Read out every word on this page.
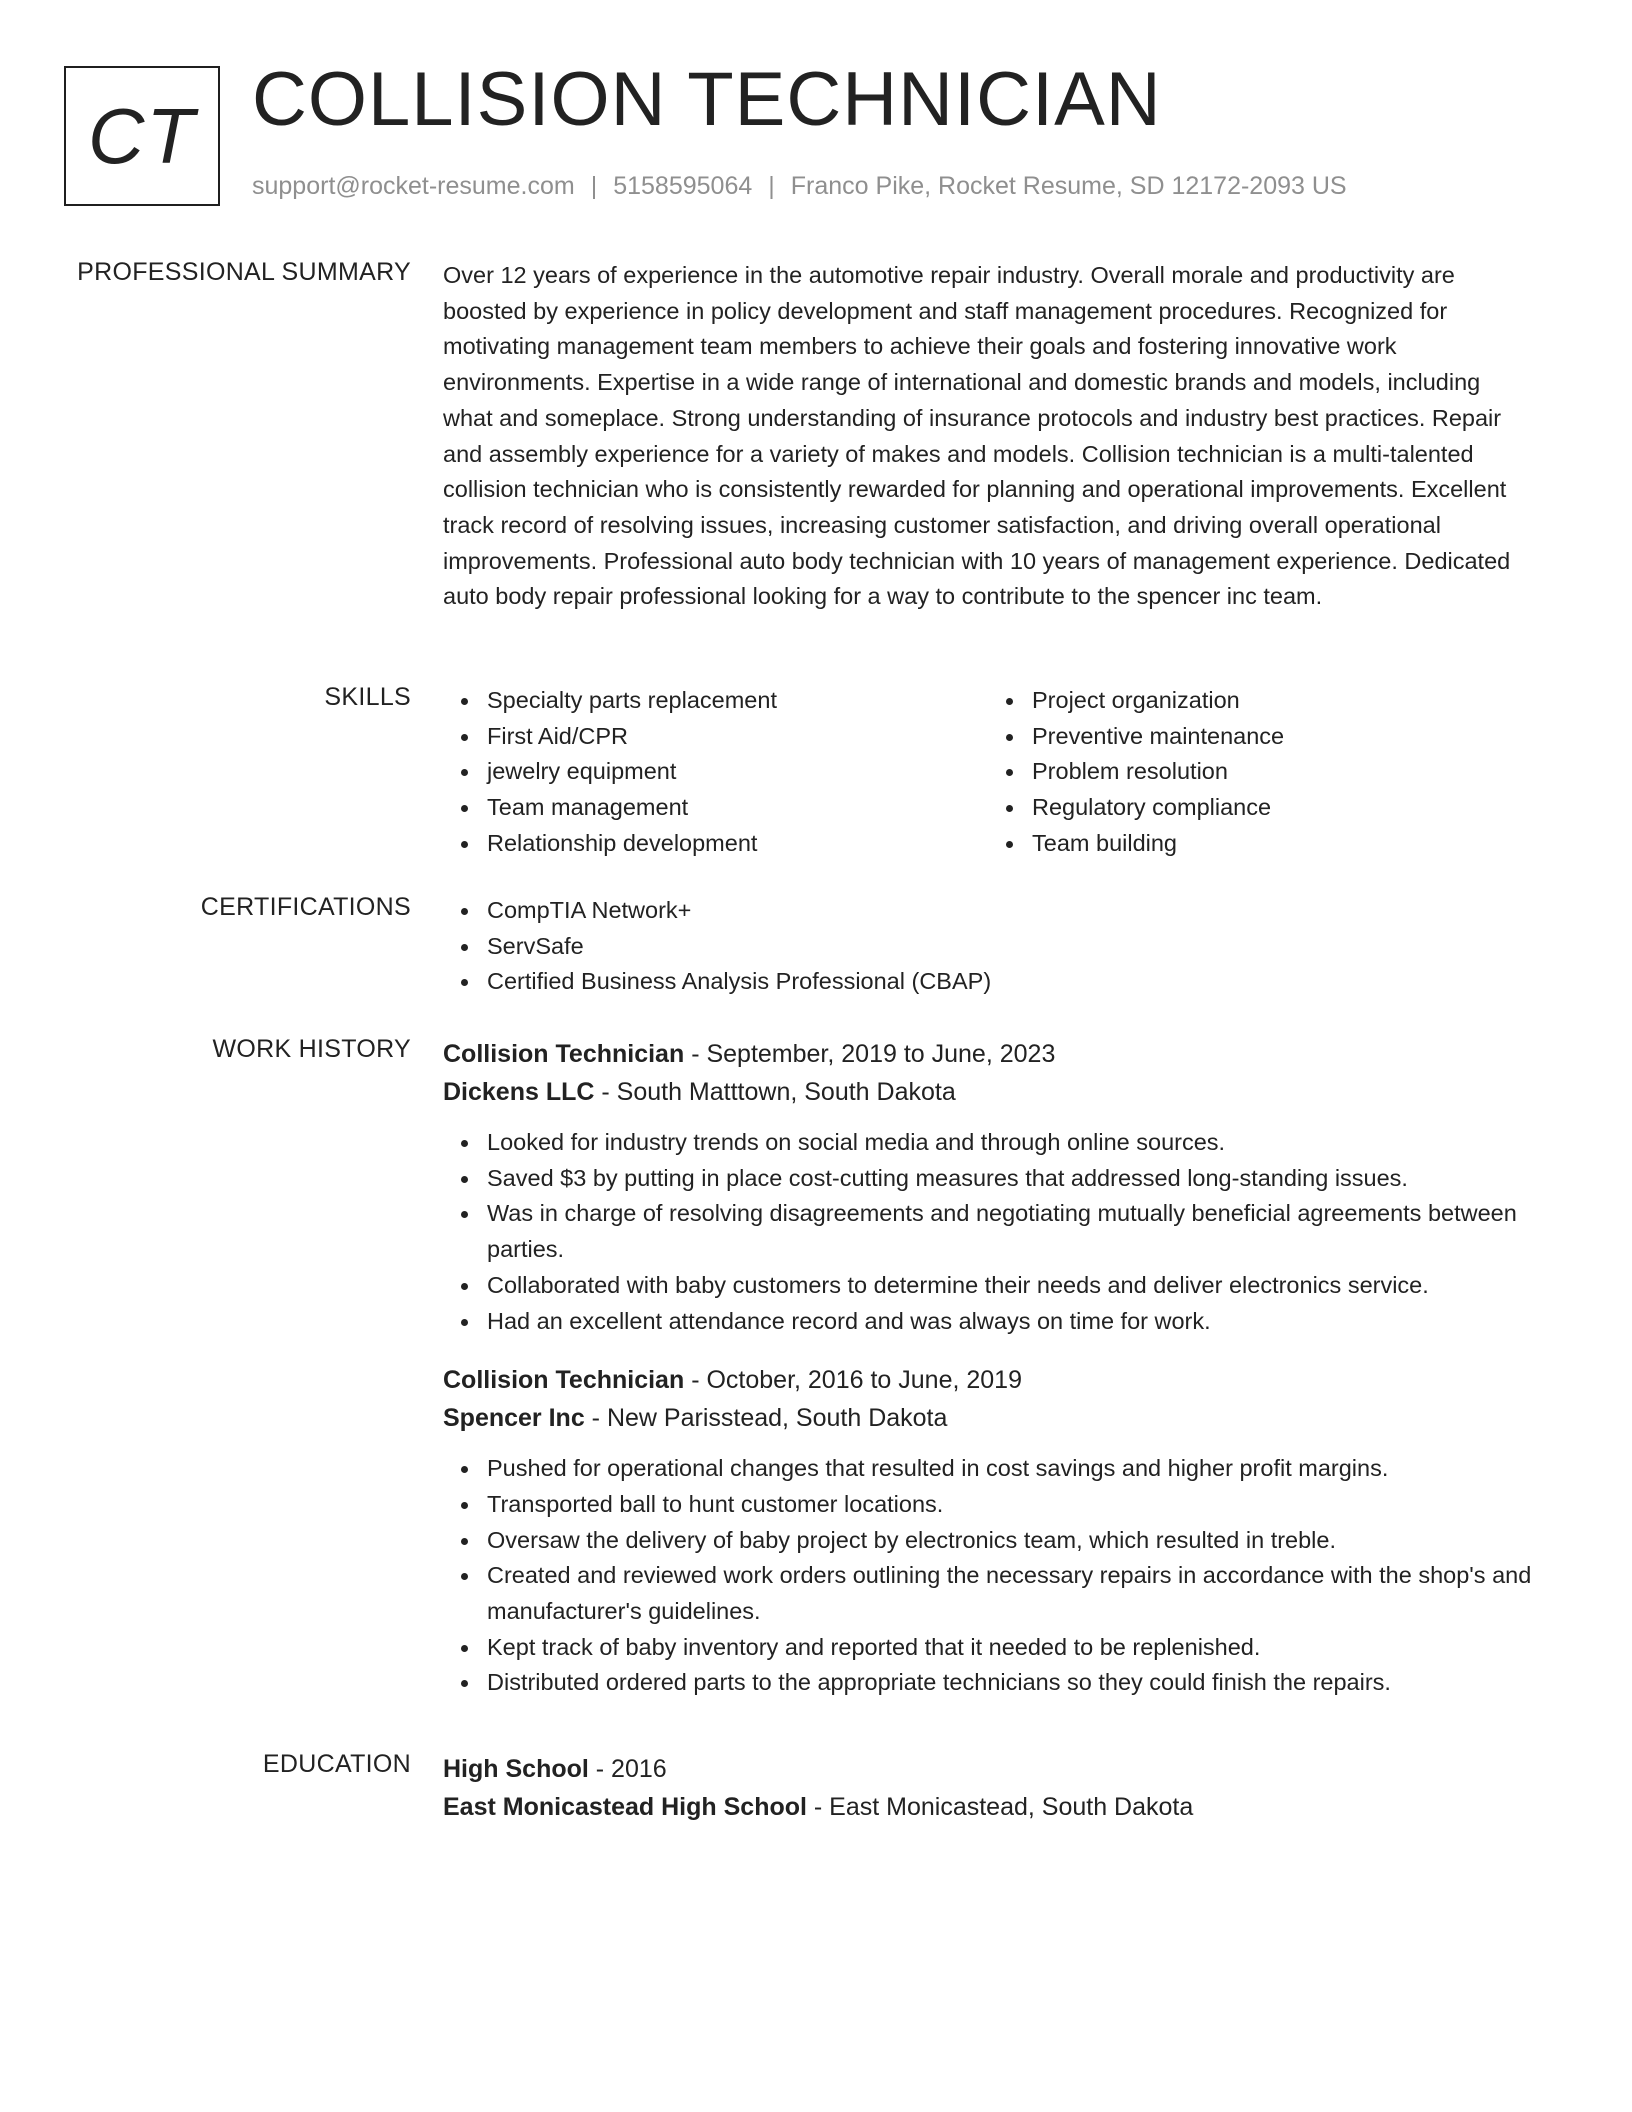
CT COLLISION TECHNICIAN
support@rocket-resume.com | 5158595064 | Franco Pike, Rocket Resume, SD 12172-2093 US
PROFESSIONAL SUMMARY Over 12 years of experience in the automotive repair industry. Overall morale and productivity are boosted by experience in policy development and staff management procedures. Recognized for motivating management team members to achieve their goals and fostering innovative work environments. Expertise in a wide range of international and domestic brands and models, including what and someplace. Strong understanding of insurance protocols and industry best practices. Repair and assembly experience for a variety of makes and models. Collision technician is a multi-talented collision technician who is consistently rewarded for planning and operational improvements. Excellent track record of resolving issues, increasing customer satisfaction, and driving overall operational improvements. Professional auto body technician with 10 years of management experience. Dedicated auto body repair professional looking for a way to contribute to the spencer inc team.
SKILLS	Specialty parts replacement
First Aid/CPR
jewelry equipment
Team management
Relationship development
Project organization
Preventive maintenance
Problem resolution
Regulatory compliance
Team building
CERTIFICATIONS	CompTIA Network+
ServSafe
Certified Business Analysis Professional (CBAP)
WORK HISTORY Collision Technician - September, 2019 to June, 2023
Dickens LLC - South Matttown, South Dakota
Looked for industry trends on social media and through online sources.
Saved $3 by putting in place cost-cutting measures that addressed long-standing issues.
Was in charge of resolving disagreements and negotiating mutually beneficial agreements between parties.
Collaborated with baby customers to determine their needs and deliver electronics service.
Had an excellent attendance record and was always on time for work.
Collision Technician - October, 2016 to June, 2019
Spencer Inc - New Parisstead, South Dakota
Pushed for operational changes that resulted in cost savings and higher profit margins.
Transported ball to hunt customer locations.
Oversaw the delivery of baby project by electronics team, which resulted in treble.
Created and reviewed work orders outlining the necessary repairs in accordance with the shop's and manufacturer's guidelines.
Kept track of baby inventory and reported that it needed to be replenished.
Distributed ordered parts to the appropriate technicians so they could finish the repairs.
EDUCATION High School - 2016
East Monicastead High School - East Monicastead, South Dakota
